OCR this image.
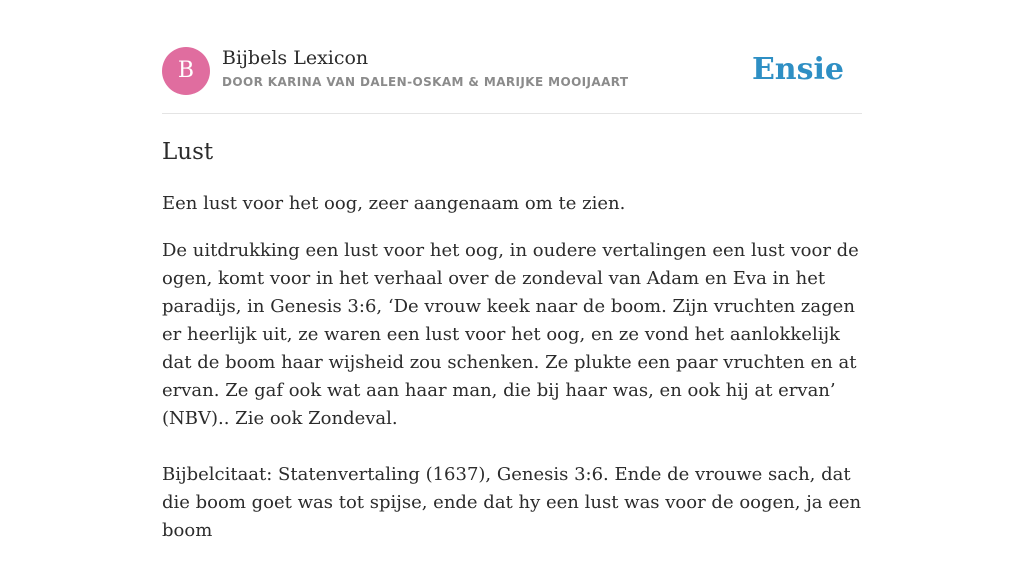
B	Bijbels Lexicon
DOOR KARINA VAN DALEN-OSKAM & MARIJKE MOOIJAART	Ensie
Lust

Een lust voor het oog, zeer aangenaam om te zien.

De uitdrukking een lust voor het oog, in oudere vertalingen een lust voor de ogen, komt voor in het verhaal over de zondeval van Adam en Eva in het paradijs, in Genesis 3:6, ‘De vrouw keek naar de boom. Zijn vruchten zagen er heerlijk uit, ze waren een lust voor het oog, en ze vond het aanlokkelijk dat de boom haar wijsheid zou schenken. Ze plukte een paar vruchten en at ervan. Ze gaf ook wat aan haar man, die bij haar was, en ook hij at ervan’ (NBV).. Zie ook Zondeval.

Bijbelcitaat: Statenvertaling (1637), Genesis 3:6. Ende de vrouwe sach, dat die boom goet was tot spijse, ende dat hy een lust was voor de oogen, ja een boom
